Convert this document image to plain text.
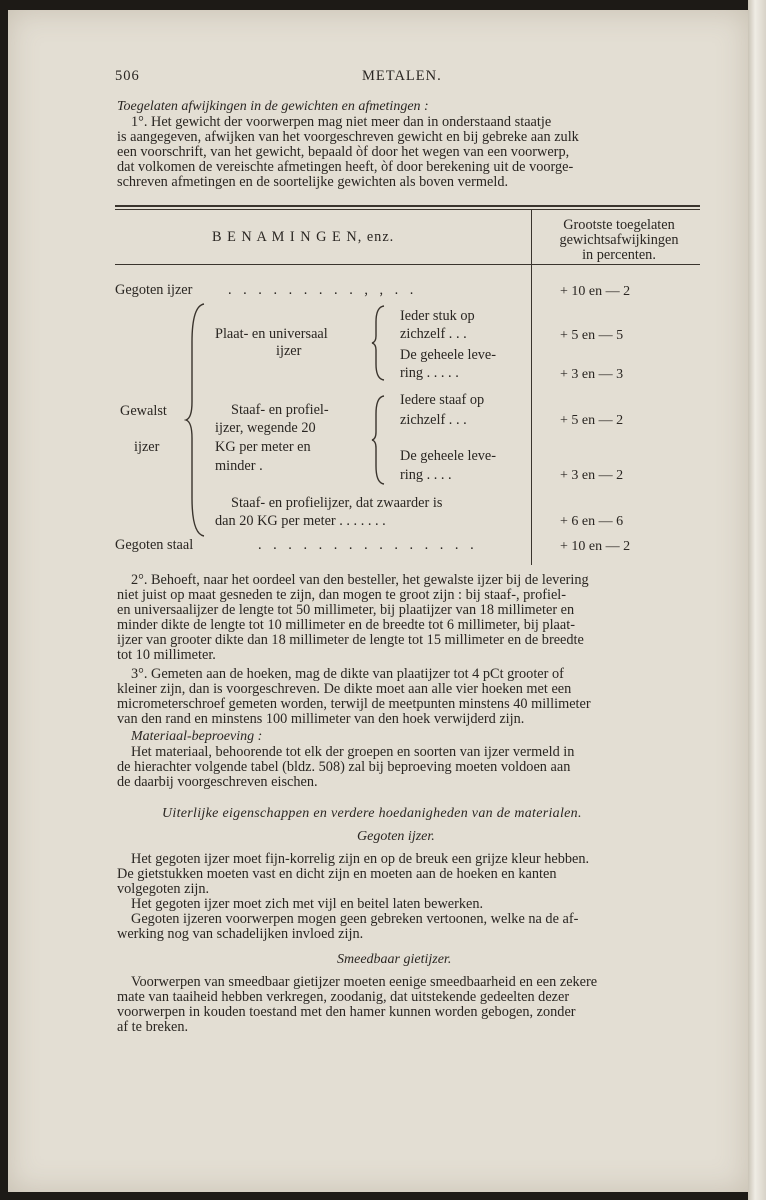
506	METALEN.
Toegelaten afwijkingen in de gewichten en afmetingen :
1°. Het gewicht der voorwerpen mag niet meer dan in onderstaand staatje
is aangegeven, afwijken van het voorgeschreven gewicht en bij gebreke aan zulk
een voorschrift, van het gewicht, bepaald òf door het wegen van een voorwerp,
dat volkomen de vereischte afmetingen heeft, òf door berekening uit de voorge-
schreven afmetingen en de soortelijke gewichten als boven vermeld.
B E N A M I N G E N, enz.
Grootste toegelaten
gewichtsafwijkingen
in percenten.
Gegoten ijzer . . . . . . . . . , , . .	+ 10 en — 2
Gewalst
ijzer
Plaat- en universaal
ijzer
Ieder stuk op
zichzelf . . .	+ 5 en — 5
De geheele leve-
ring . . . . .	+ 3 en — 3
Staaf- en profiel-
ijzer, wegende 20
KG per meter en
minder .
Iedere staaf op
zichzelf . . .	+ 5 en — 2
De geheele leve-
ring . . . .	+ 3 en — 2
Staaf- en profielijzer, dat zwaarder is
dan 20 KG per meter . . . . . . .	+ 6 en — 6
Gegoten staal	. . . . . . . . . . . . . . .	+ 10 en — 2
2°. Behoeft, naar het oordeel van den besteller, het gewalste ijzer bij de levering
niet juist op maat gesneden te zijn, dan mogen te groot zijn : bij staaf-, profiel-
en universaalijzer de lengte tot 50 millimeter, bij plaatijzer van 18 millimeter en
minder dikte de lengte tot 10 millimeter en de breedte tot 6 millimeter, bij plaat-
ijzer van grooter dikte dan 18 millimeter de lengte tot 15 millimeter en de breedte
tot 10 millimeter.
3°. Gemeten aan de hoeken, mag de dikte van plaatijzer tot 4 pCt grooter of
kleiner zijn, dan is voorgeschreven. De dikte moet aan alle vier hoeken met een
micrometerschroef gemeten worden, terwijl de meetpunten minstens 40 millimeter
van den rand en minstens 100 millimeter van den hoek verwijderd zijn.
Materiaal-beproeving :
Het materiaal, behoorende tot elk der groepen en soorten van ijzer vermeld in
de hierachter volgende tabel (bldz. 508) zal bij beproeving moeten voldoen aan
de daarbij voorgeschreven eischen.
Uiterlijke eigenschappen en verdere hoedanigheden van de materialen.
Gegoten ijzer.
Het gegoten ijzer moet fijn-korrelig zijn en op de breuk een grijze kleur hebben.
De gietstukken moeten vast en dicht zijn en moeten aan de hoeken en kanten
volgegoten zijn.
Het gegoten ijzer moet zich met vijl en beitel laten bewerken.
Gegoten ijzeren voorwerpen mogen geen gebreken vertoonen, welke na de af-
werking nog van schadelijken invloed zijn.
Smeedbaar gietijzer.
Voorwerpen van smeedbaar gietijzer moeten eenige smeedbaarheid en een zekere
mate van taaiheid hebben verkregen, zoodanig, dat uitstekende gedeelten dezer
voorwerpen in kouden toestand met den hamer kunnen worden gebogen, zonder
af te breken.
